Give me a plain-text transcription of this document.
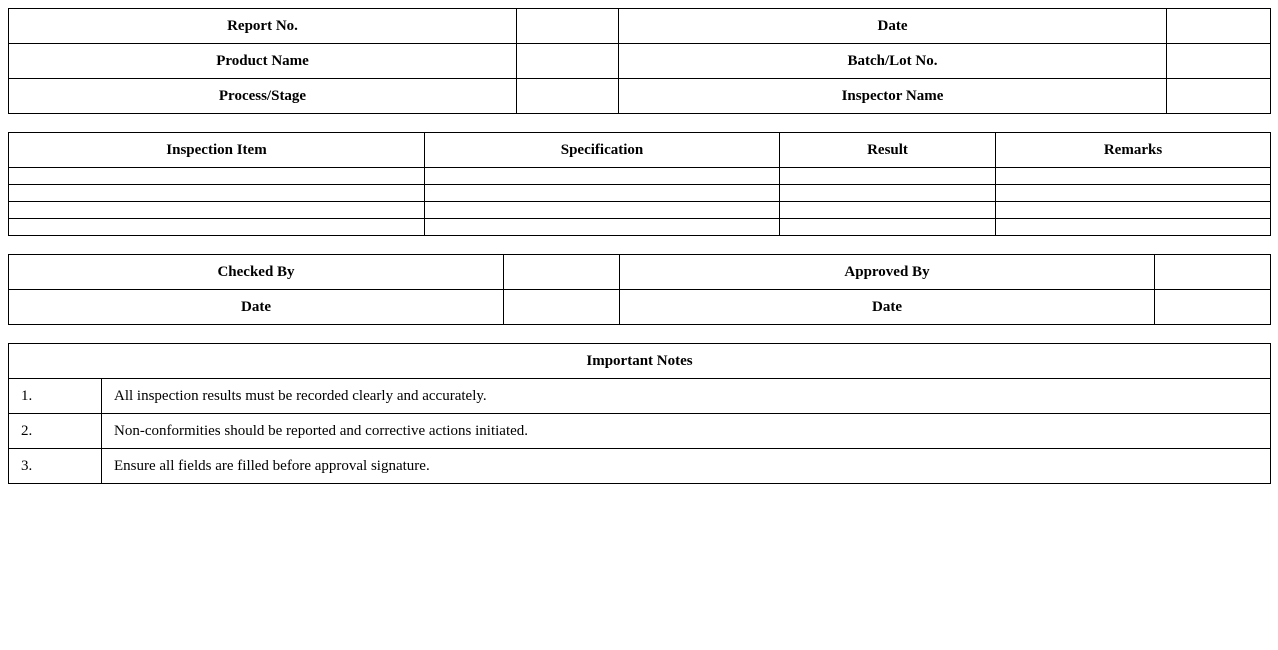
Report No.		Date	
Product Name		Batch/Lot No.	
Process/Stage		Inspector Name	
Inspection Item	Specification	Result	Remarks

Checked By		Approved By	
Date		Date	
Important Notes	
1.	All inspection results must be recorded clearly and accurately.
2.	Non-conformities should be reported and corrective actions initiated.
3.	Ensure all fields are filled before approval signature.
